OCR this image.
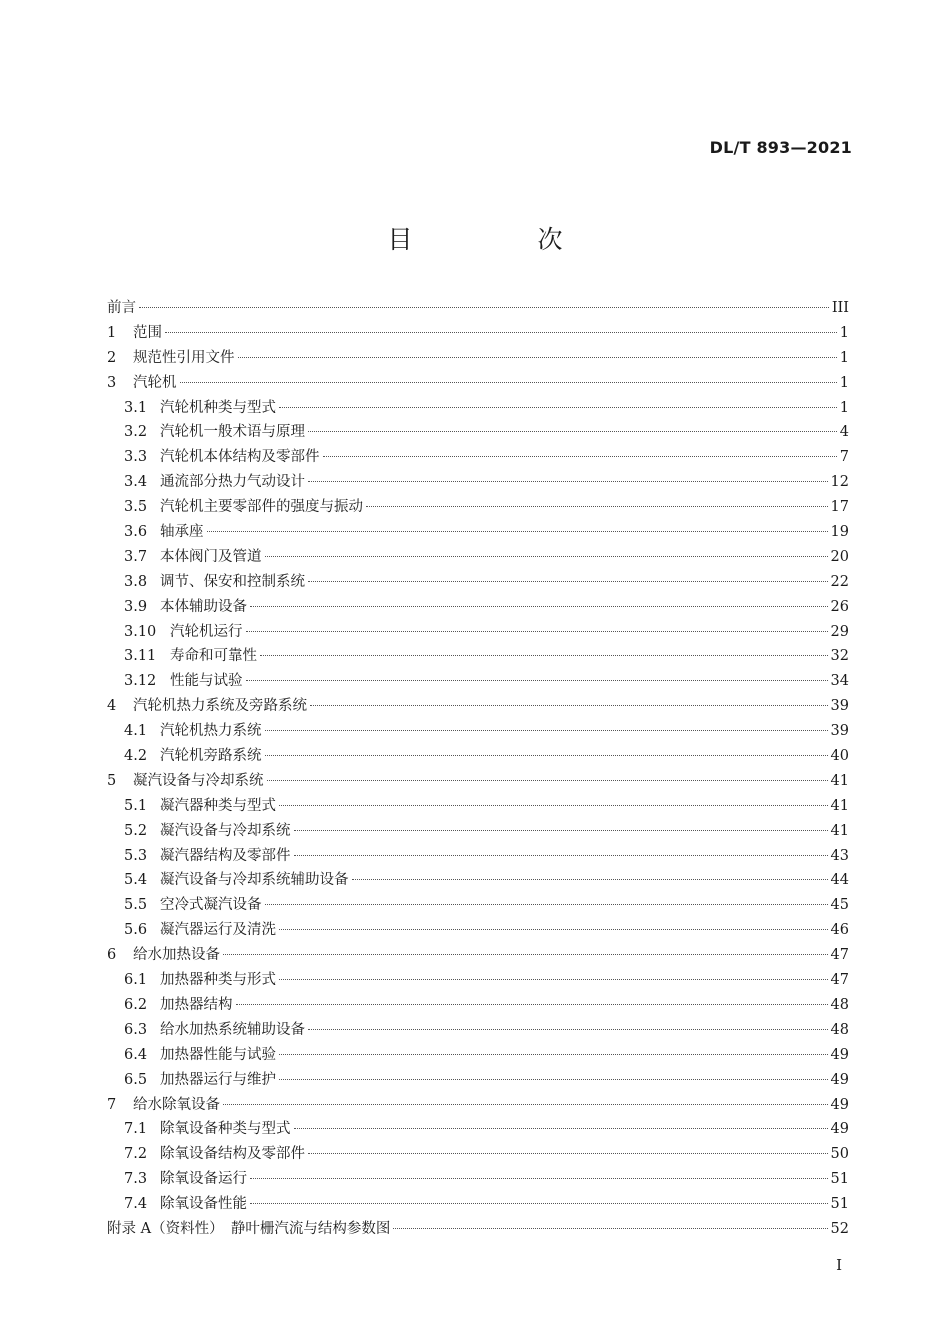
DL/T 893—2021
目　次
前言	III
1	范围	1
2	规范性引用文件	1
3	汽轮机	1
3.1 汽轮机种类与型式	1
3.2 汽轮机一般术语与原理	4
3.3 汽轮机本体结构及零部件	7
3.4 通流部分热力气动设计	12
3.5 汽轮机主要零部件的强度与振动	17
3.6 轴承座	19
3.7 本体阀门及管道	20
3.8 调节、保安和控制系统	22
3.9 本体辅助设备	26
3.10 汽轮机运行	29
3.11 寿命和可靠性	32
3.12 性能与试验	34
4	汽轮机热力系统及旁路系统	39
4.1 汽轮机热力系统	39
4.2 汽轮机旁路系统	40
5	凝汽设备与冷却系统	41
5.1 凝汽器种类与型式	41
5.2 凝汽设备与冷却系统	41
5.3 凝汽器结构及零部件	43
5.4 凝汽设备与冷却系统辅助设备	44
5.5 空冷式凝汽设备	45
5.6 凝汽器运行及清洗	46
6	给水加热设备	47
6.1 加热器种类与形式	47
6.2 加热器结构	48
6.3 给水加热系统辅助设备	48
6.4 加热器性能与试验	49
6.5 加热器运行与维护	49
7	给水除氧设备	49
7.1 除氧设备种类与型式	49
7.2 除氧设备结构及零部件	50
7.3 除氧设备运行	51
7.4 除氧设备性能	51
附录 A（资料性）　静叶栅汽流与结构参数图	52
I
